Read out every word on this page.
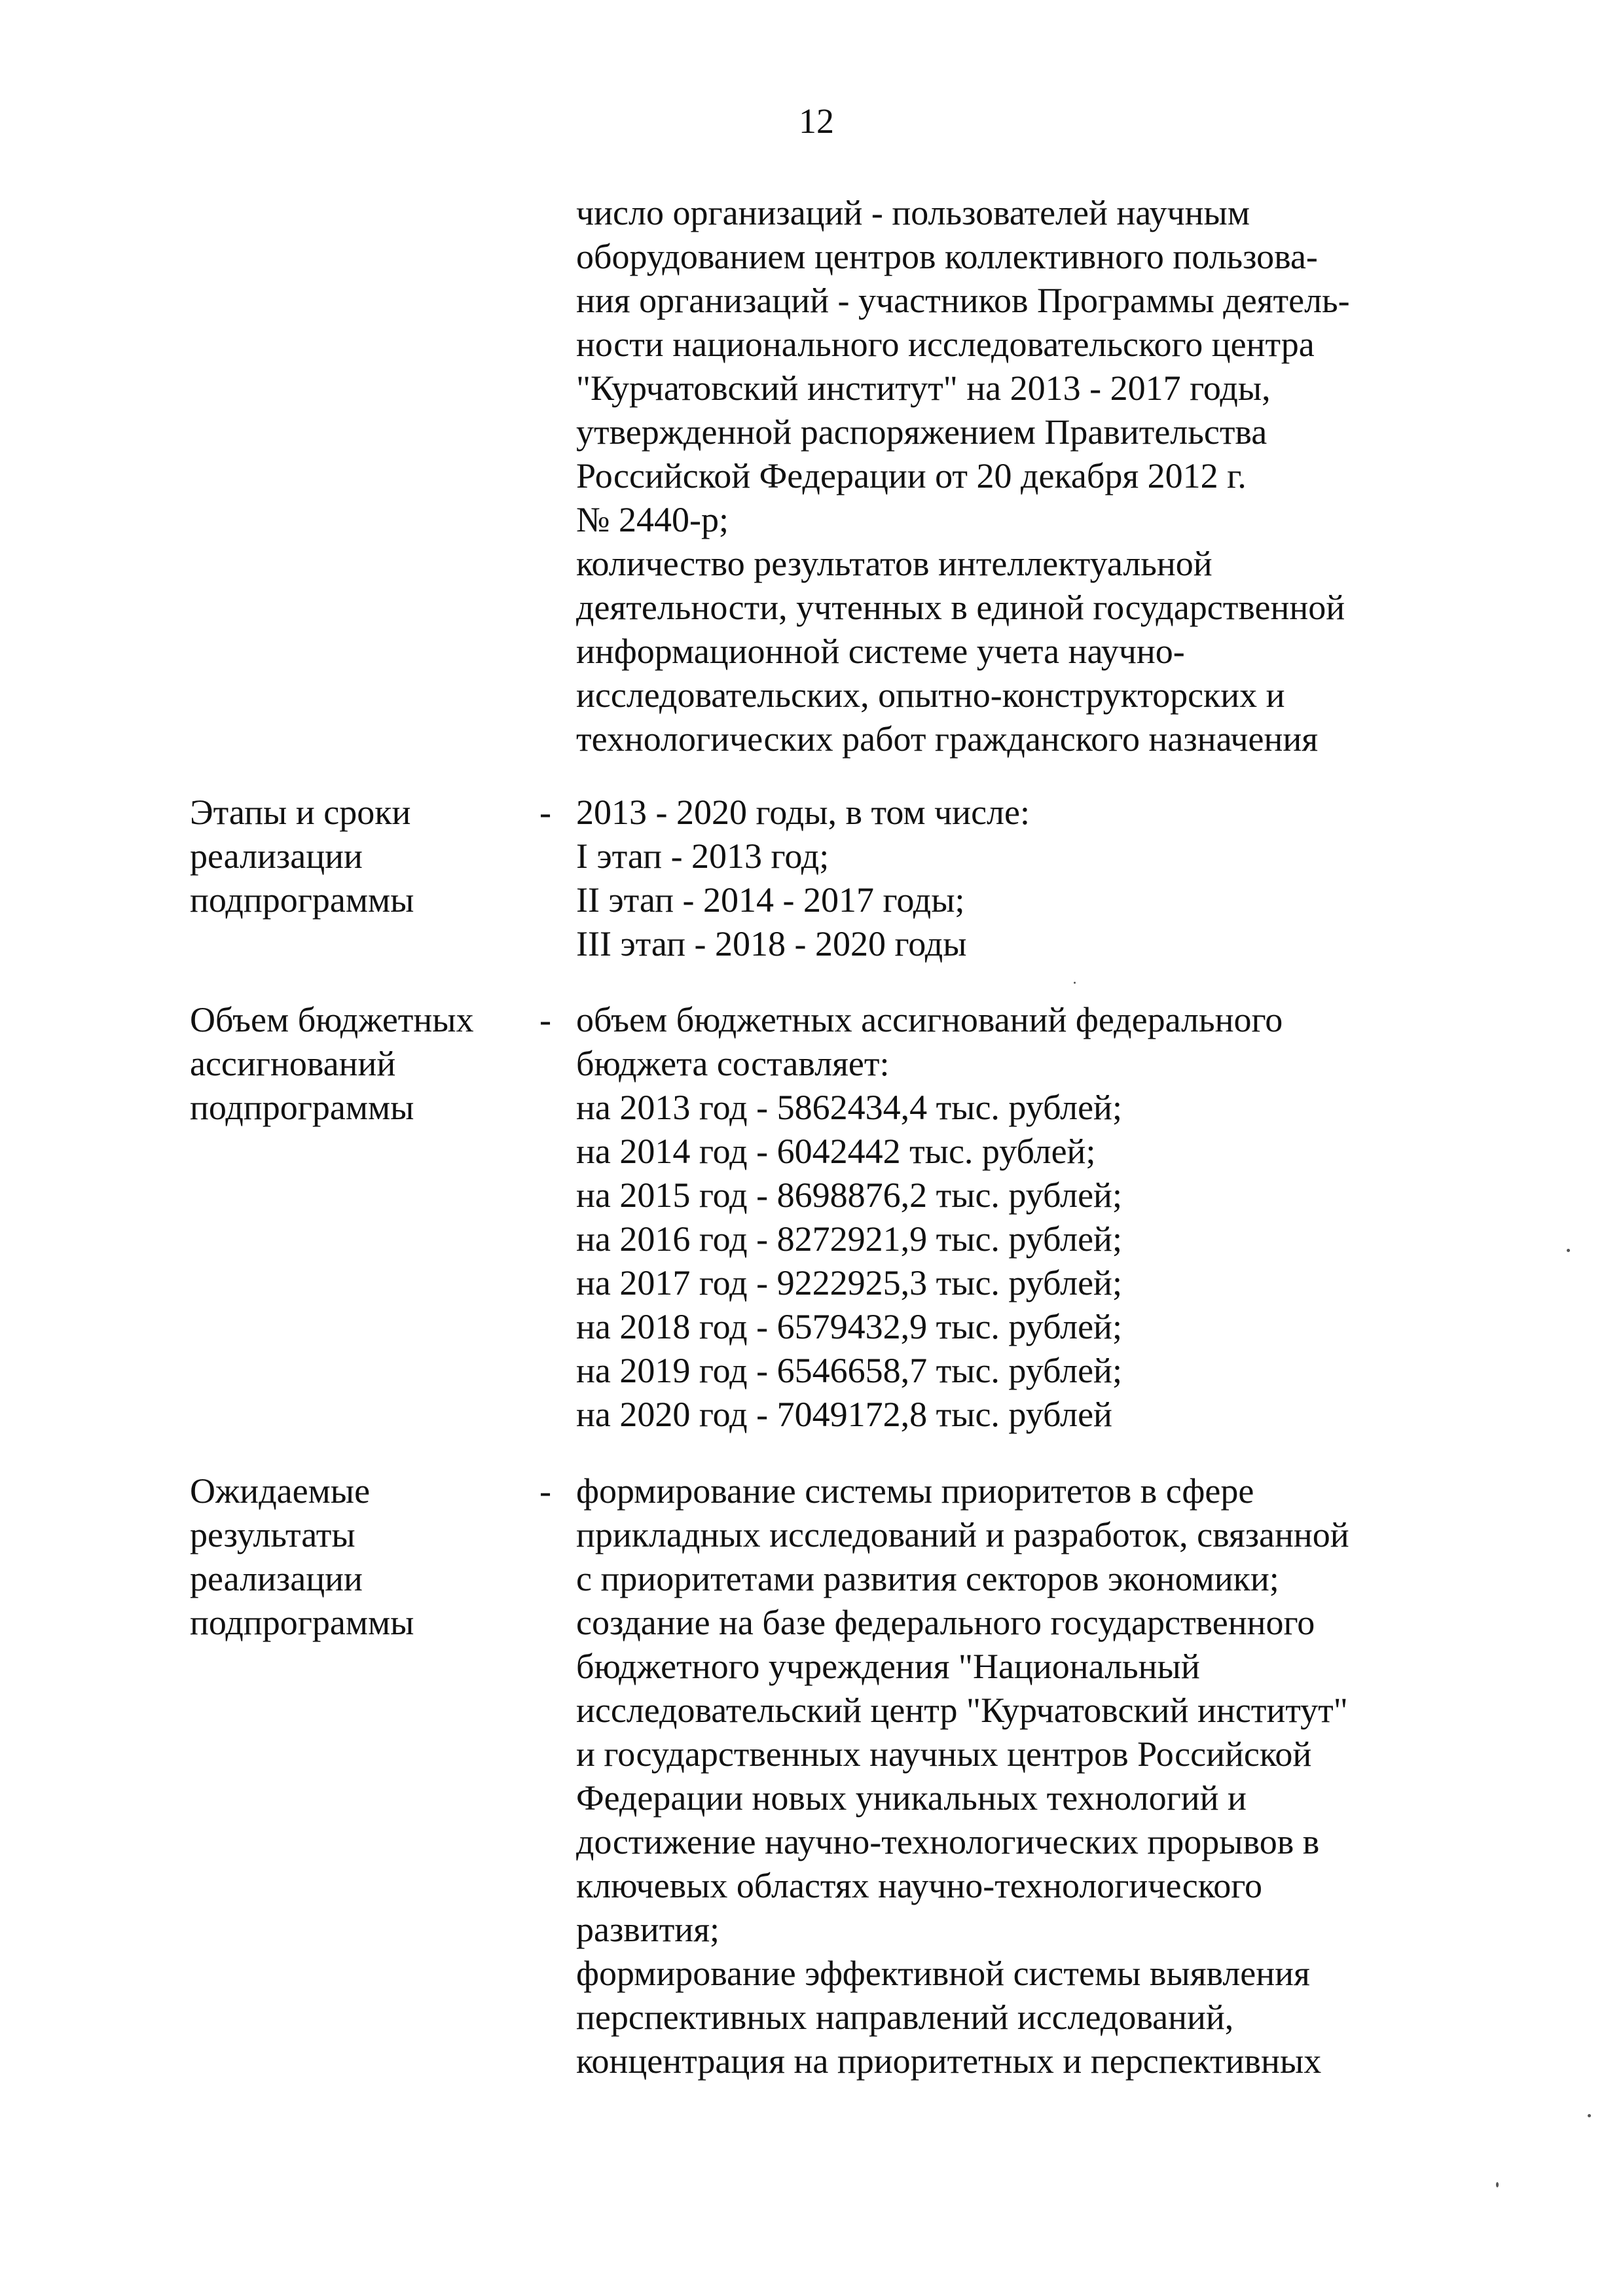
12
число организаций - пользователей научным
оборудованием центров коллективного пользова-
ния организаций - участников Программы деятель-
ности национального исследовательского центра
"Курчатовский институт" на 2013 - 2017 годы,
утвержденной распоряжением Правительства
Российской Федерации от 20 декабря 2012 г.
№ 2440-р;
количество результатов интеллектуальной
деятельности, учтенных в единой государственной
информационной системе учета научно-
исследовательских, опытно-конструкторских и
технологических работ гражданского назначения
Этапы и сроки
реализации
подпрограммы
- 2013 - 2020 годы, в том числе:
I этап - 2013 год;
II этап - 2014 - 2017 годы;
III этап - 2018 - 2020 годы
Объем бюджетных
ассигнований
подпрограммы
- объем бюджетных ассигнований федерального
бюджета составляет:
на 2013 год - 5862434,4 тыс. рублей;
на 2014 год - 6042442 тыс. рублей;
на 2015 год - 8698876,2 тыс. рублей;
на 2016 год - 8272921,9 тыс. рублей;
на 2017 год - 9222925,3 тыс. рублей;
на 2018 год - 6579432,9 тыс. рублей;
на 2019 год - 6546658,7 тыс. рублей;
на 2020 год - 7049172,8 тыс. рублей
Ожидаемые
результаты
реализации
подпрограммы
- формирование системы приоритетов в сфере
прикладных исследований и разработок, связанной
с приоритетами развития секторов экономики;
создание на базе федерального государственного
бюджетного учреждения "Национальный
исследовательский центр "Курчатовский институт"
и государственных научных центров Российской
Федерации новых уникальных технологий и
достижение научно-технологических прорывов в
ключевых областях научно-технологического
развития;
формирование эффективной системы выявления
перспективных направлений исследований,
концентрация на приоритетных и перспективных
